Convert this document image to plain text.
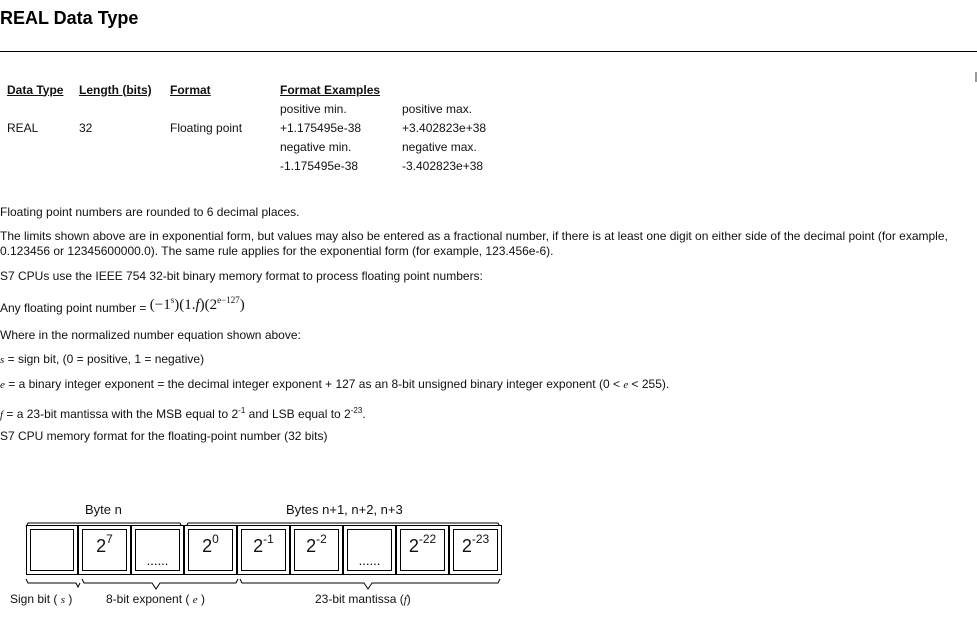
REAL Data Type
Data Type	Length (bits)	Format	Format Examples	
			positive min.	positive max.
REAL	32	Floating point	+1.175495e-38	+3.402823e+38
			negative min.	negative max.
			-1.175495e-38	-3.402823e+38
Floating point numbers are rounded to 6 decimal places.
The limits shown above are in exponential form, but values may also be entered as a fractional number, if there is at least one digit on either side of the decimal point (for example, 0.123456 or 12345600000.0). The same rule applies for the exponential form (for example, 123.456e-6).
S7 CPUs use the IEEE 754 32-bit binary memory format to process floating point numbers:
Any floating point number = $(-1^s)(1.f)(2^{e-127})$
Where in the normalized number equation shown above:
s = sign bit, (0 = positive, 1 = negative)
e = a binary integer exponent = the decimal integer exponent + 127 as an 8-bit unsigned binary integer exponent (0 < e < 255).
f = a 23-bit mantissa with the MSB equal to $2^{-1}$ and LSB equal to $2^{-23}$.
S7 CPU memory format for the floating-point number (32 bits)
Byte n	Bytes n+1, n+2, n+3
$2^7$
......
$2^0$	$2^{-1}$	$2^{-2}$
......
$2^{-22}$	$2^{-23}$
Sign bit ( s )	8-bit exponent ( e )	23-bit mantissa (f)
